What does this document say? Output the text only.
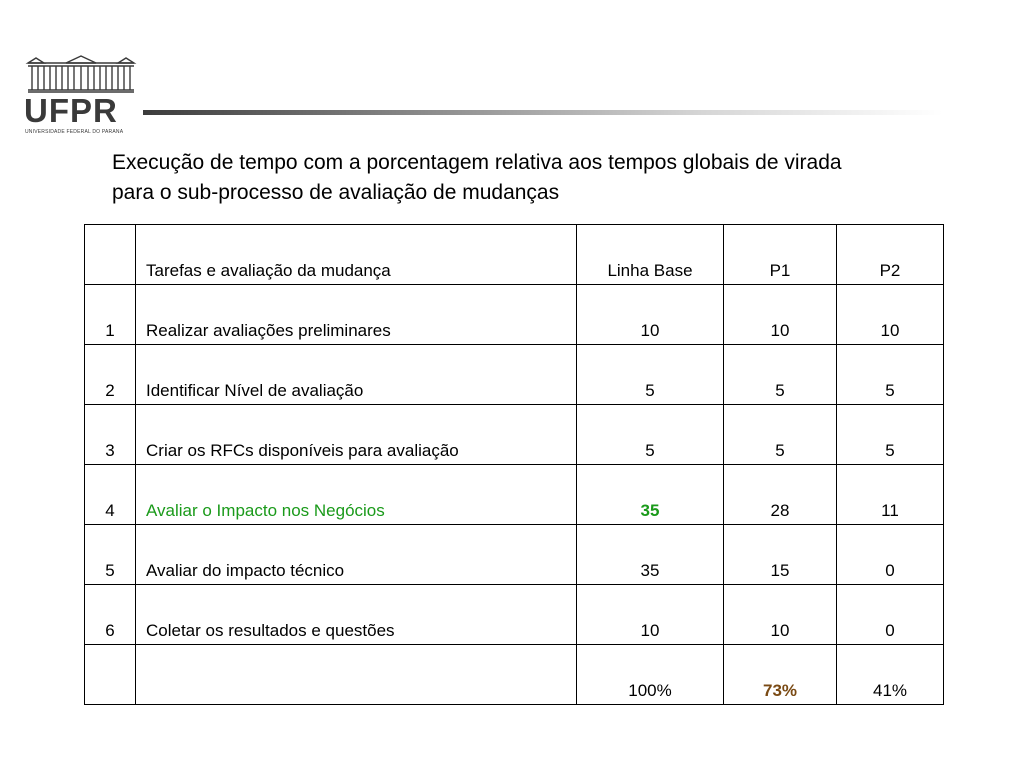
UFPR
UNIVERSIDADE FEDERAL DO PARANÁ
Execução de tempo com a porcentagem relativa aos tempos globais de virada
para o sub-processo de avaliação de mudanças
	Tarefas e avaliação da mudança	Linha Base	P1	P2
1	Realizar avaliações preliminares	10	10	10
2	Identificar Nível de avaliação	5	5	5
3	Criar os RFCs disponíveis para avaliação	5	5	5
4	Avaliar o Impacto nos Negócios	35	28	11
5	Avaliar do impacto técnico	35	15	0
6	Coletar os resultados e questões	10	10	0
		100%	73%	41%
